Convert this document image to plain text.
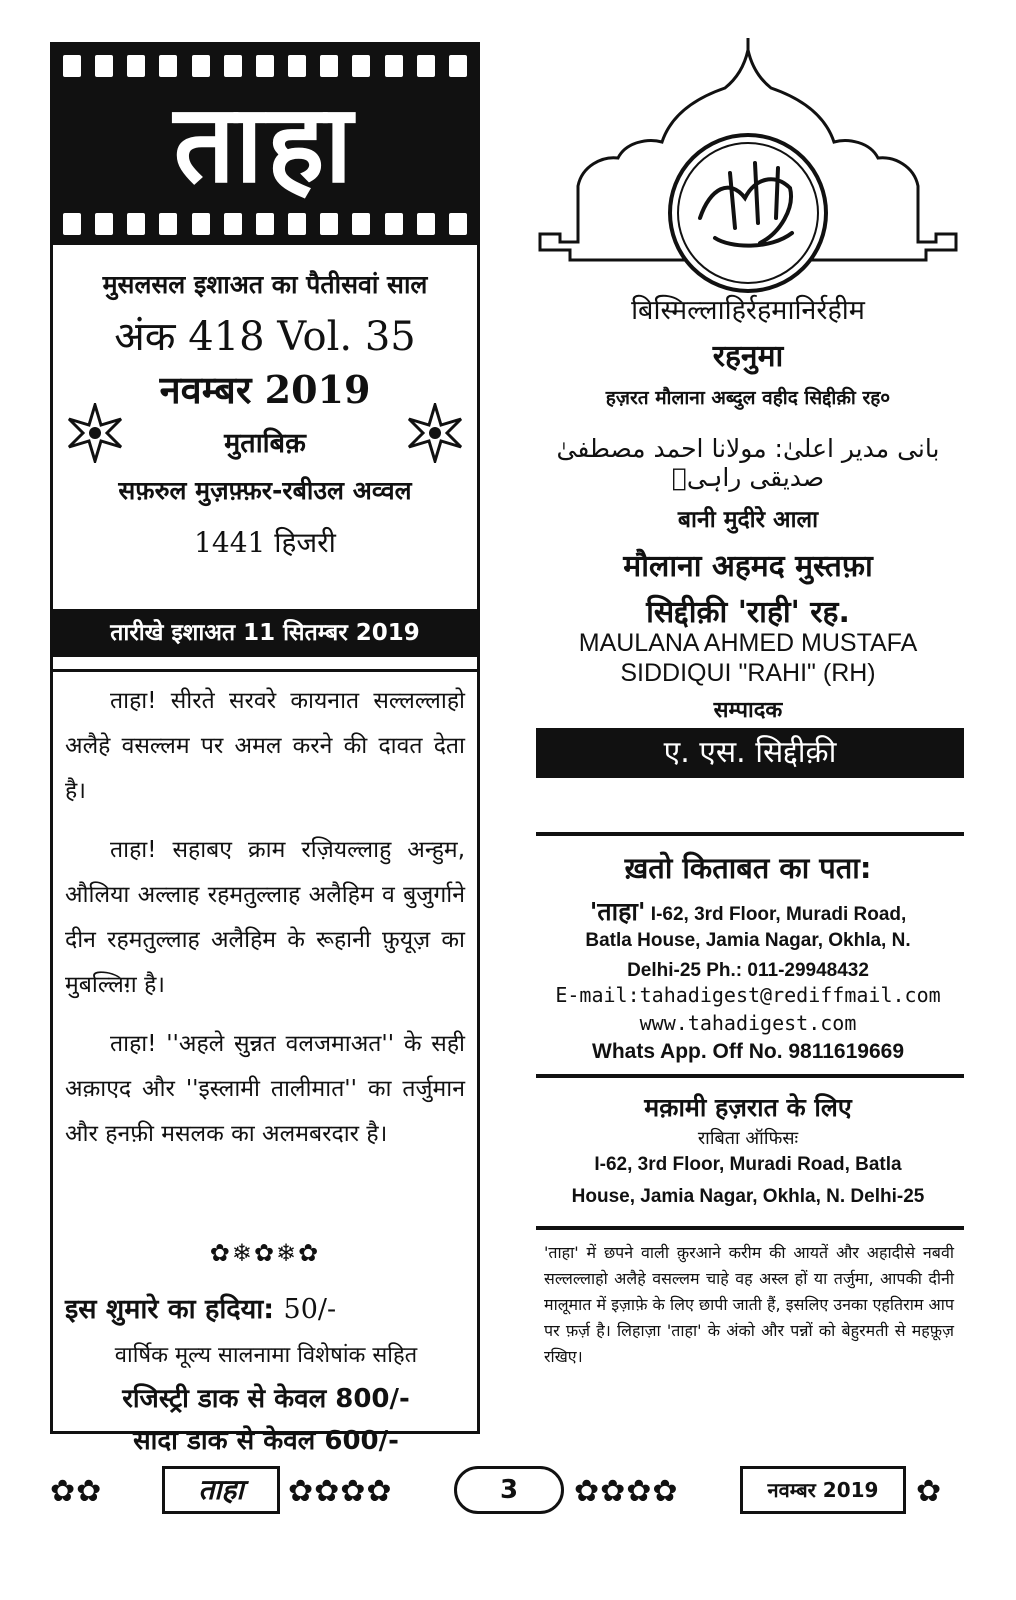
ताहा
मुसलसल इशाअत का पैतीसवां साल
अंक 418 Vol. 35
नवम्बर 2019
मुताबिक़
सफ़रुल मुज़फ़्फ़र-रबीउल अव्वल
1441 हिजरी
तारीखे इशाअत 11 सितम्बर 2019

ताहा! सीरते सरवरे कायनात सल्लल्लाहो अलैहे वसल्लम पर अमल करने की दावत देता है।

ताहा! सहाबए क्राम रज़ियल्लाहु अन्हुम, औलिया अल्लाह रहमतुल्लाह अलैहिम व बुजुर्गाने दीन रहमतुल्लाह अलैहिम के रूहानी फ़ुयूज़ का मुबल्लिग़ है।

ताहा! ''अहले सुन्नत वलजमाअत'' के सही अक़ाएद और ''इस्लामी तालीमात'' का तर्जुमान और हनफ़ी मसलक का अलमबरदार है।

✿❄✿❄✿
इस शुमारे का हदिया: 50/-
वार्षिक मूल्य सालनामा विशेषांक सहित
रजिस्ट्री डाक से केवल 800/-
सादा डाक से केवल 600/-
बिस्मिल्लाहिर्रहमानिर्रहीम
रहनुमा
हज़रत मौलाना अब्दुल वहीद सिद्दीक़ी रह०
بانی مدیر اعلیٰ: مولانا احمد مصطفیٰ صدیقی راہیؔ
बानी मुदीरे आला
मौलाना अहमद मुस्तफ़ा
सिद्दीक़ी 'राही' रह.
MAULANA AHMED MUSTAFA
SIDDIQUI "RAHI" (RH)
सम्पादक
ए. एस. सिद्दीक़ी
ख़तो किताबत का पता:
'ताहा' I-62, 3rd Floor, Muradi Road,
Batla House, Jamia Nagar, Okhla, N.
Delhi-25 Ph.: 011-29948432
E-mail:tahadigest@rediffmail.com
www.tahadigest.com
Whats App. Off No. 9811619669
मक़ामी हज़रात के लिए
राबिता ऑफिसः
I-62, 3rd Floor, Muradi Road, Batla
House, Jamia Nagar, Okhla, N. Delhi-25
'ताहा' में छपने वाली क़ुरआने करीम की आयतें और अहादीसे नबवी सल्लल्लाहो अलैहे वसल्लम चाहे वह अस्ल हों या तर्जुमा, आपकी दीनी मालूमात में इज़ाफ़े के लिए छापी जाती हैं, इसलिए उनका एहतिराम आप पर फ़र्ज़ है। लिहाज़ा 'ताहा' के अंको और पन्नों को बेहुरमती से महफ़ूज़ रखिए।
✿✿	ताहा	✿✿✿✿	3	✿✿✿✿	नवम्बर 2019	✿
